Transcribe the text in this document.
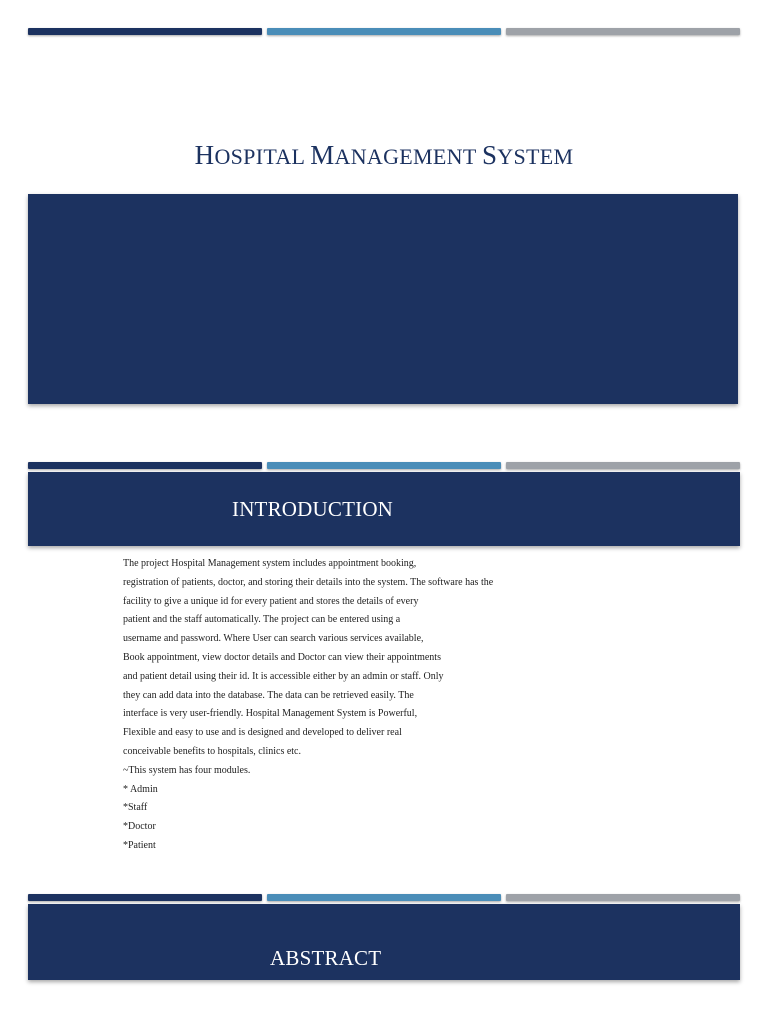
HOSPITAL MANAGEMENT SYSTEM
INTRODUCTION
The project Hospital Management system includes appointment booking,
registration of patients, doctor, and storing their details into the system. The software has the
facility to give a unique id for every patient and stores the details of every
patient and the staff automatically. The project can be entered using a
username and password. Where User can search various services available,
Book appointment, view doctor details and Doctor can view their appointments
and patient detail using their id. It is accessible either by an admin or staff. Only
they can add data into the database. The data can be retrieved easily. The
interface is very user-friendly. Hospital Management System is Powerful,
Flexible and easy to use and is designed and developed to deliver real
conceivable benefits to hospitals, clinics etc.
~This system has four modules.
* Admin
*Staff
*Doctor
*Patient
ABSTRACT
